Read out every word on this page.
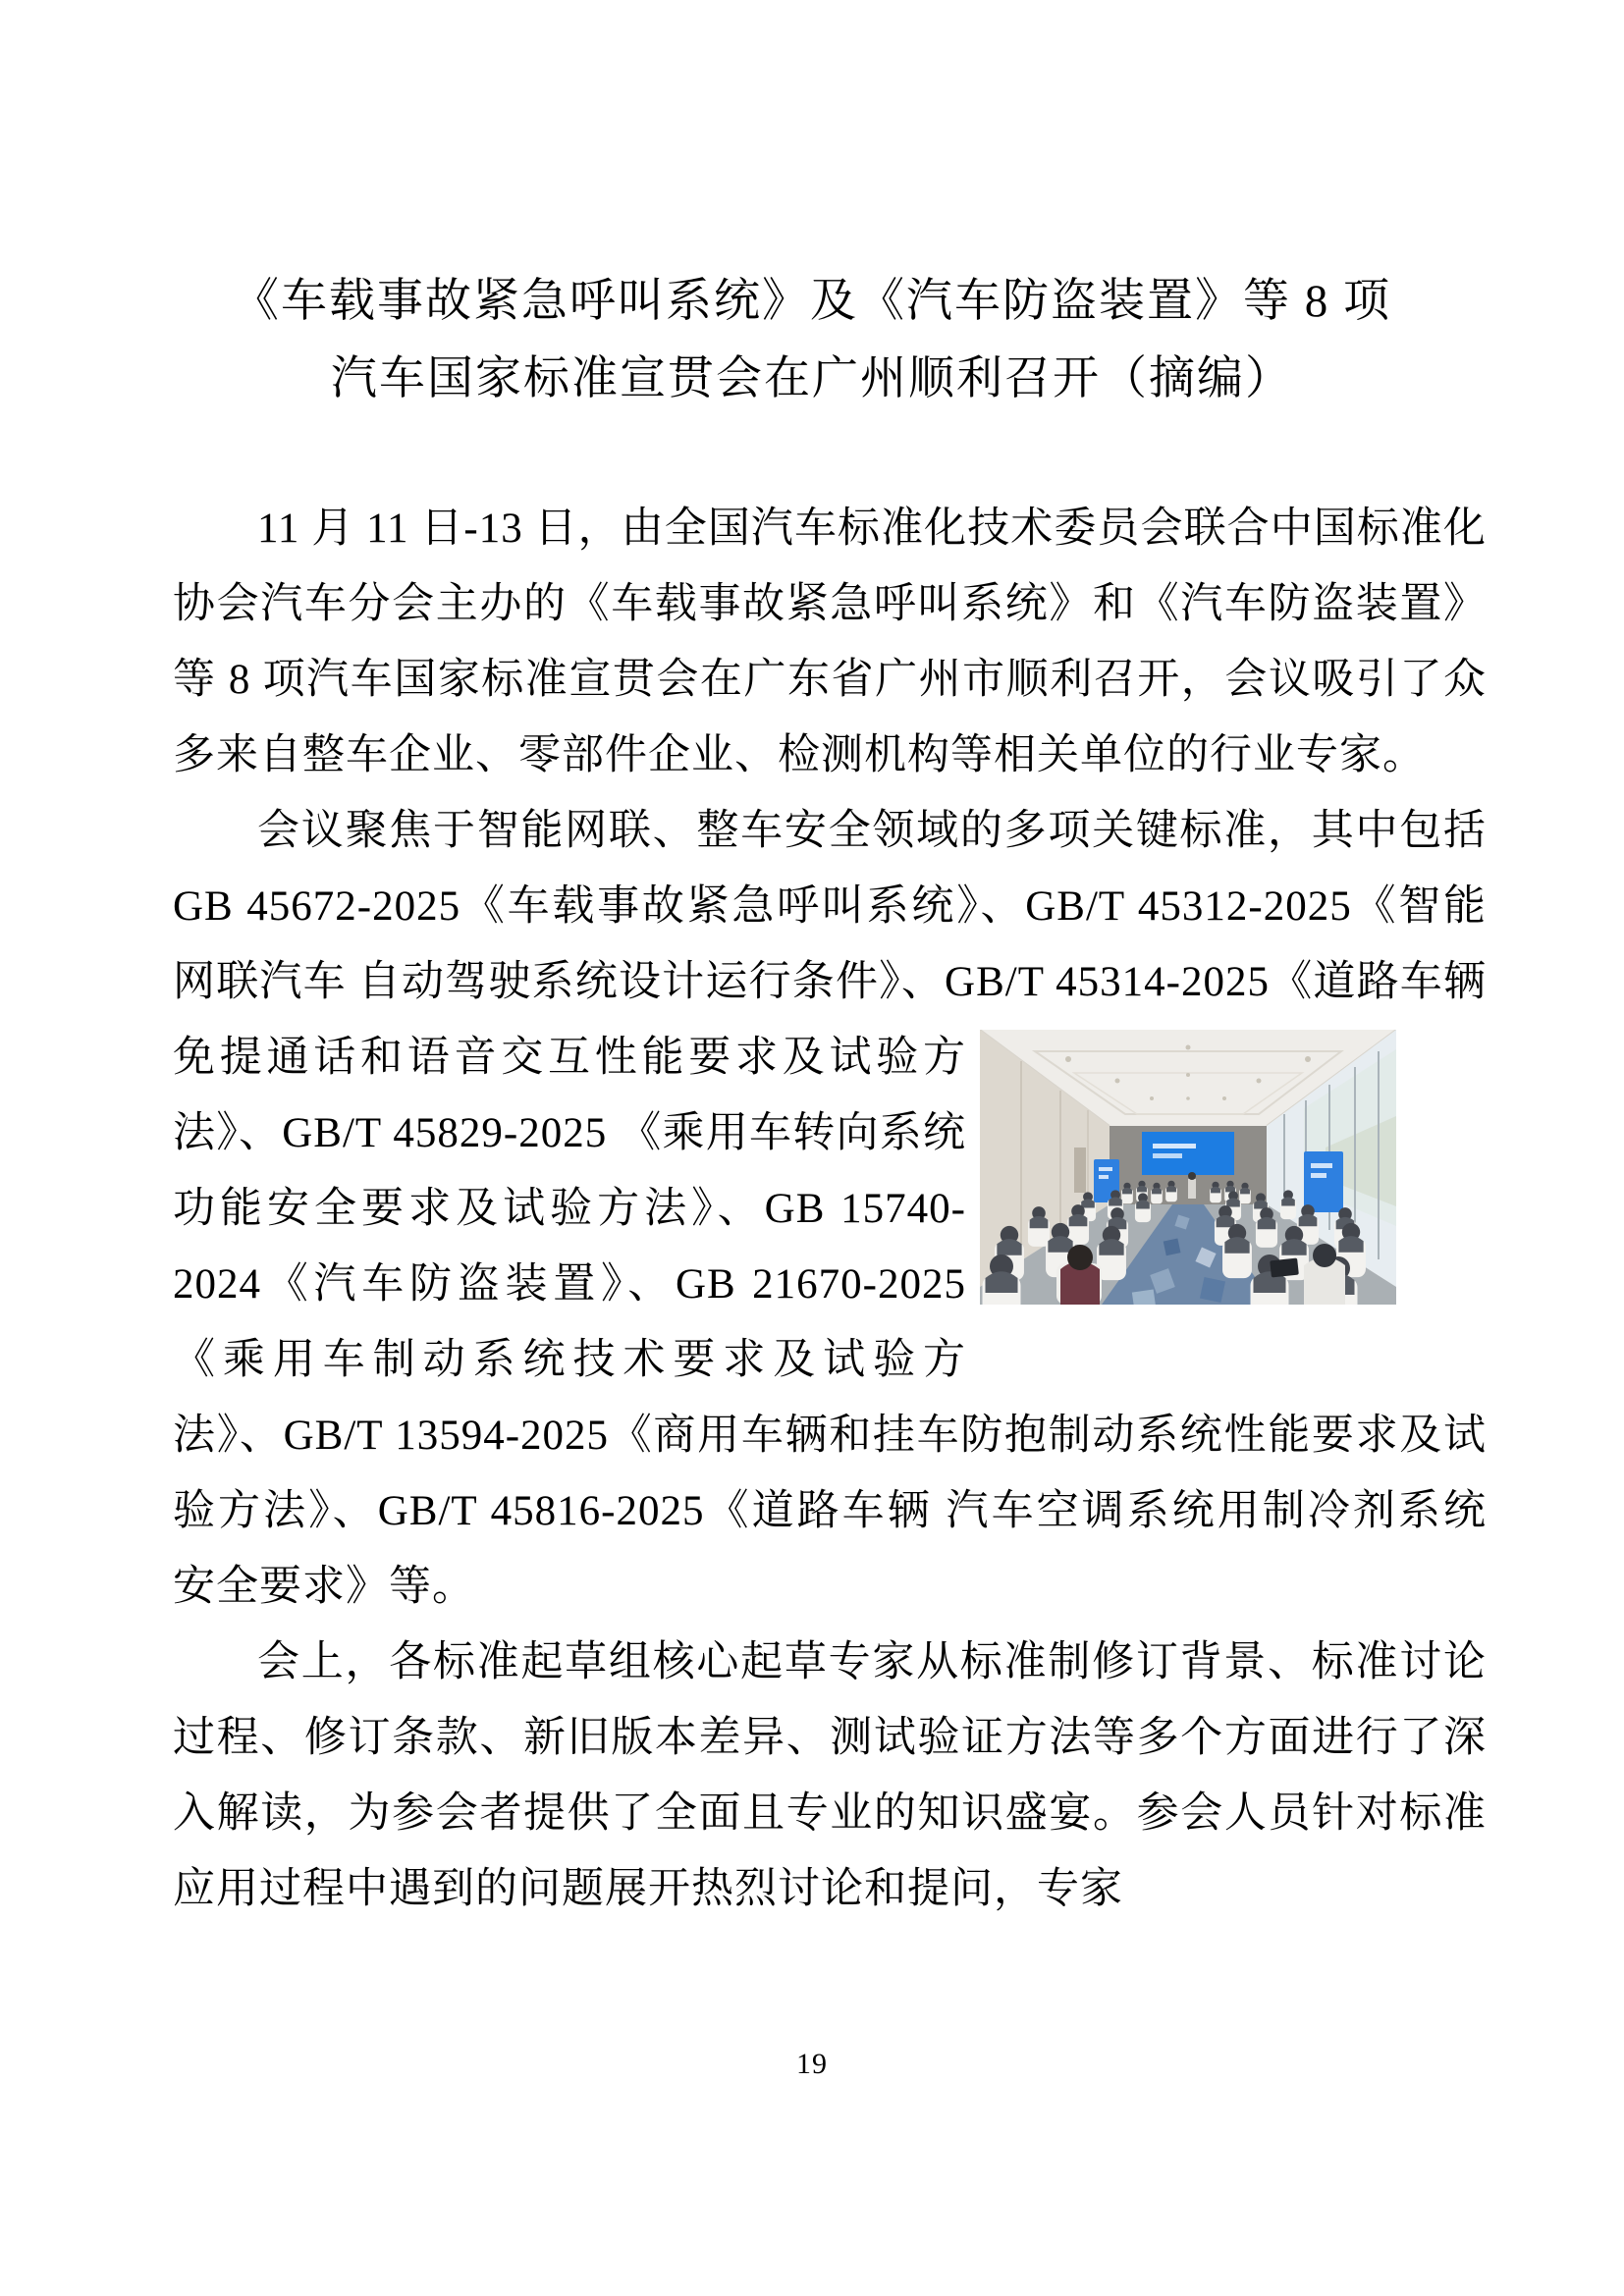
《车载事故紧急呼叫系统》及《汽车防盗装置》等 8 项
汽车国家标准宣贯会在广州顺利召开（摘编）

11 月 11 日-13 日，由全国汽车标准化技术委员会联合中国标准化协会汽车分会主办的《车载事故紧急呼叫系统》和《汽车防盗装置》等 8 项汽车国家标准宣贯会在广东省广州市顺利召开，会议吸引了众多来自整车企业、零部件企业、检测机构等相关单位的行业专家。

会议聚焦于智能网联、整车安全领域的多项关键标准，其中包括 GB 45672-2025《车载事故紧急呼叫系统》、GB/T 45312-2025《智能网联汽车 自动驾驶系统设计运行条件》、GB/T 453
14-2025《道路车辆 免提通话和语音交互性能要求及试验方法》、GB/T 45829-2025 《乘用车转向系统功能安全要求及试验方法》、GB 15740-2024《汽车防盗装置》、GB 21670-2025《乘用车制动系统技术要求及试验方法》、GB/T 13594-2025《商用车辆和挂车防抱制动系统性能要求及试验方法》、GB/T 45816-2025《道路车辆 汽车空调系统用制冷剂系统 安全要求》等。

会上，各标准起草组核心起草专家从标准制修订背景、标准讨论过程、修订条款、新旧版本差异、测试验证方法等多个方面进行了深入解读，为参会者提供了全面且专业的知识盛宴。参会人员针对标准应用过程中遇到的问题展开热烈讨论和提问，专家

19
